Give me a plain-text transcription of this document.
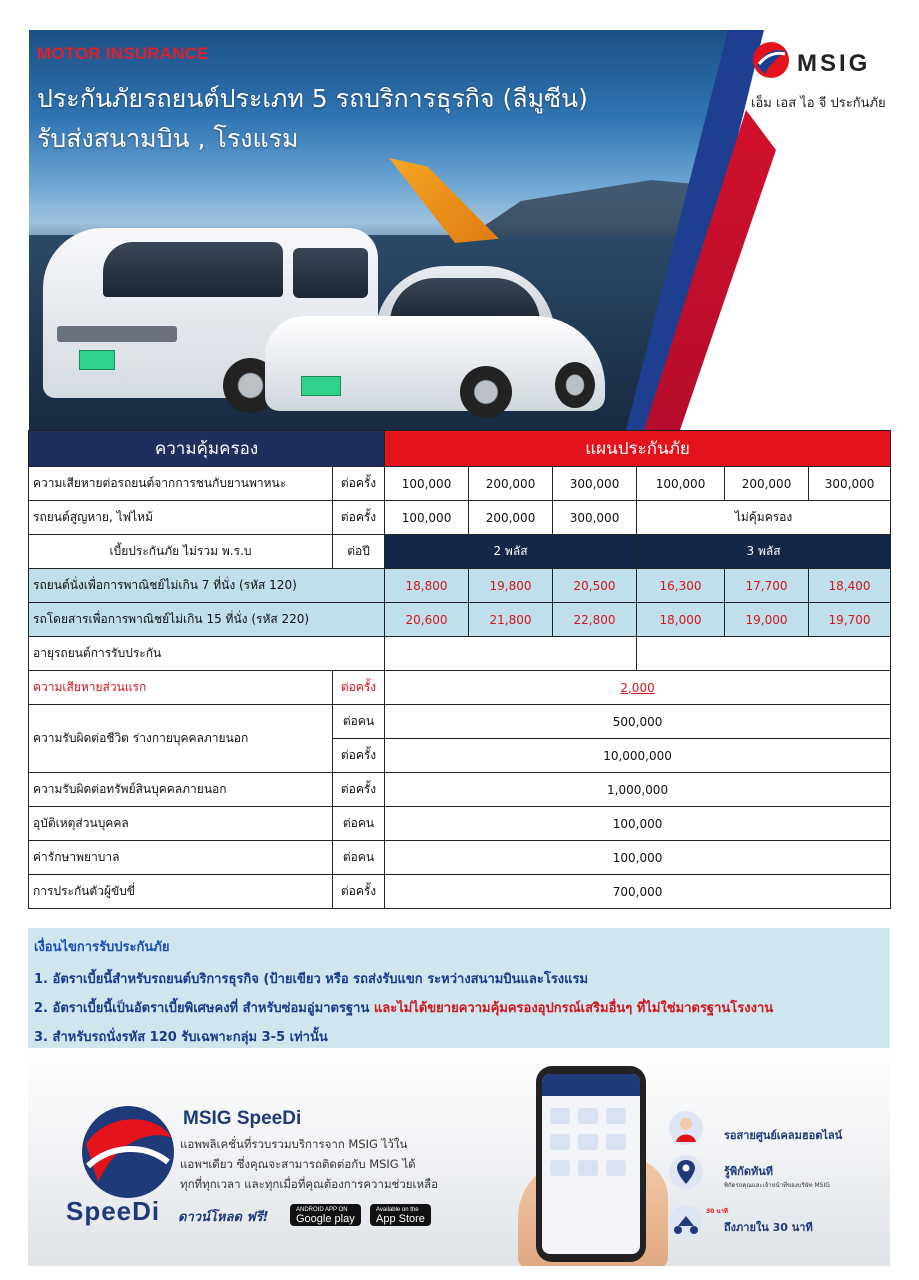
MOTOR INSURANCE
ประกันภัยรถยนต์ประเภท 5 รถบริการธุรกิจ (ลีมูซีน)
รับส่งสนามบิน , โรงแรม
MSIG
เอ็ม เอส ไอ จี ประกันภัย
ความคุ้มครอง		แผนประกันภัย					
ความเสียหายต่อรถยนต์จากการชนกับยานพาหนะ	ต่อครั้ง	100,000	200,000	300,000	100,000	200,000	300,000
รถยนต์สูญหาย, ไฟไหม้	ต่อครั้ง	100,000	200,000	300,000	ไม่คุ้มครอง		
เบี้ยประกันภัย ไม่รวม พ.ร.บ	ต่อปี	2 พลัส			3 พลัส		
รถยนต์นั่งเพื่อการพาณิชย์ไม่เกิน 7 ที่นั่ง (รหัส 120)		18,800	19,800	20,500	16,300	17,700	18,400
รถโดยสารเพื่อการพาณิชย์ไม่เกิน 15 ที่นั่ง (รหัส 220)		20,600	21,800	22,800	18,000	19,000	19,700
อายุรถยนต์การรับประกัน							
ความเสียหายส่วนแรก	ต่อครั้ง	2,000					
ความรับผิดต่อชีวิต ร่างกายบุคคลภายนอก	ต่อคน	500,000					
	ต่อครั้ง	10,000,000					
ความรับผิดต่อทรัพย์สินบุคคลภายนอก	ต่อครั้ง	1,000,000					
อุบัติเหตุส่วนบุคคล	ต่อคน	100,000					
ค่ารักษาพยาบาล	ต่อคน	100,000					
การประกันตัวผู้ขับขี่	ต่อครั้ง	700,000					
เงื่อนไขการรับประกันภัย
1. อัตราเบี้ยนี้สำหรับรถยนต์บริการธุรกิจ (ป้ายเขียว หรือ รถส่งรับแขก ระหว่างสนามบินและโรงแรม
2. อัตราเบี้ยนี้เป็นอัตราเบี้ยพิเศษคงที่ สำหรับซ่อมอู่มาตรฐาน และไม่ได้ขยายความคุ้มครองอุปกรณ์เสริมอื่นๆ ที่ไม่ใช่มาตรฐานโรงงาน
3. สำหรับรถนั่งรหัส 120 รับเฉพาะกลุ่ม 3-5 เท่านั้น
SpeeDi
MSIG SpeeDi
แอพพลิเคชั่นที่รวบรวมบริการจาก MSIG ไว้ใน
แอพฯเดียว ซึ่งคุณจะสามารถติดต่อกับ MSIG ได้
ทุกที่ทุกเวลา และทุกเมื่อที่คุณต้องการความช่วยเหลือ
ดาวน์โหลด ฟรี!	ANDROID APP ON
Google play
Available on the
App Store
รอสายศูนย์เคลมฮอตไลน์
รู้พิกัดทันที
พิกัดรถคุณและเจ้าหน้าที่ของบริษัท MSIG
30 นาที
ถึงภายใน 30 นาที
